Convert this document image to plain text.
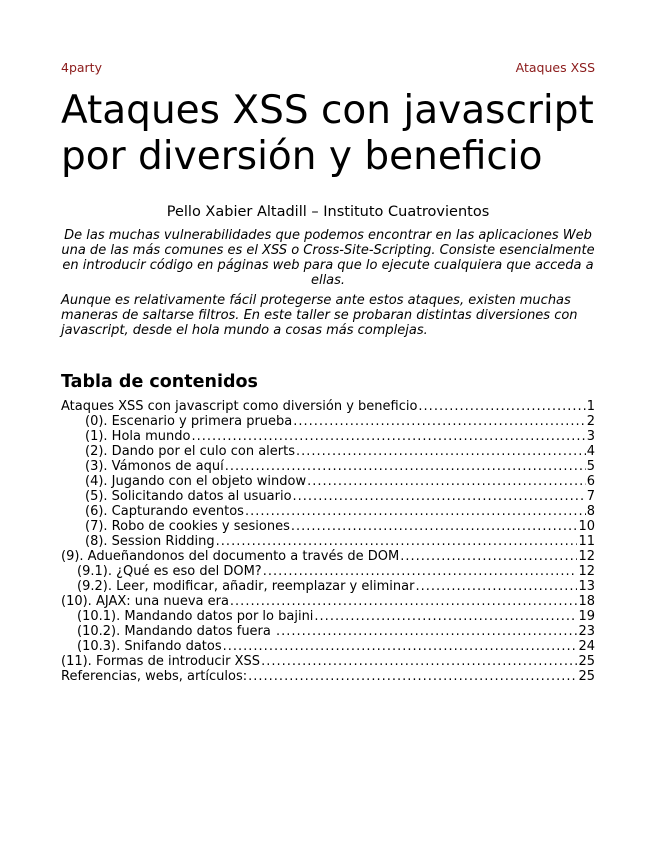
4party	Ataques XSS
Ataques XSS con javascript
por diversión y beneficio
Pello Xabier Altadill – Instituto Cuatrovientos

De las muchas vulnerabilidades que podemos encontrar en las aplicaciones Web una de las más comunes es el XSS o Cross-Site-Scripting. Consiste esencialmente en introducir código en páginas web para que lo ejecute cualquiera que acceda a ellas.

Aunque es relativamente fácil protegerse ante estos ataques, existen muchas maneras de saltarse filtros. En este taller se probaran distintas diversiones con javascript, desde el hola mundo a cosas más complejas.

Tabla de contenidos
Ataques XSS con javascript como diversión y beneficio .....	1
(0). Escenario y primera prueba .....	2
(1). Hola mundo .....	3
(2). Dando por el culo con alerts .....	4
(3). Vámonos de aquí .....	5
(4). Jugando con el objeto window .....	6
(5). Solicitando datos al usuario .....	7
(6). Capturando eventos .....	8
(7). Robo de cookies y sesiones .....	10
(8). Session Ridding .....	11
(9). Adueñandonos del documento a través de DOM .....	12
(9.1). ¿Qué es eso del DOM? .....	12
(9.2). Leer, modificar, añadir, reemplazar y eliminar .....	13
(10). AJAX: una nueva era .....	18
(10.1). Mandando datos por lo bajini .....	19
(10.2). Mandando datos fuera .....	23
(10.3). Snifando datos .....	24
(11). Formas de introducir XSS .....	25
Referencias, webs, artículos: .....	25
